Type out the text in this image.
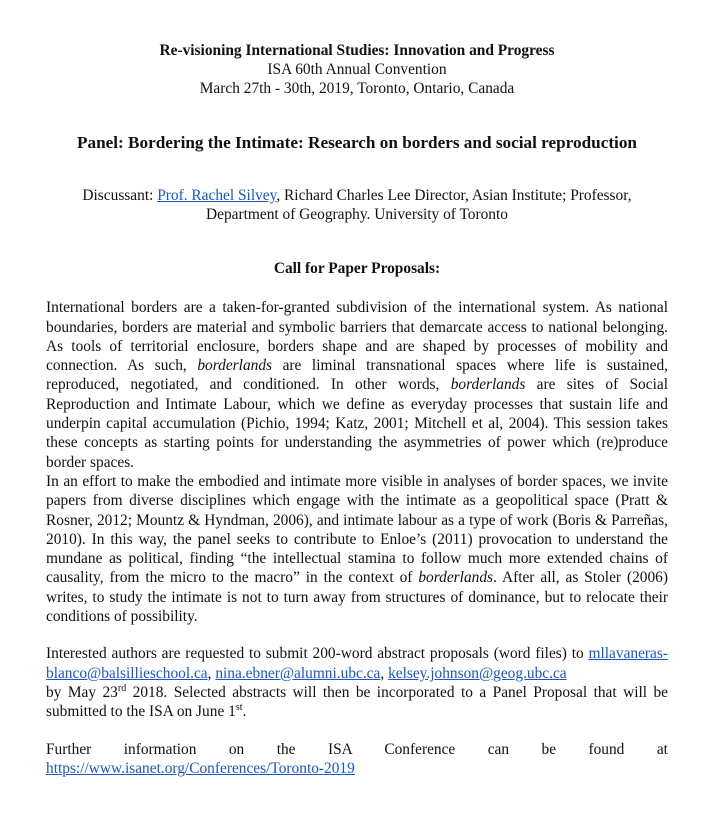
Re-visioning International Studies: Innovation and Progress
ISA 60th Annual Convention
March 27th - 30th, 2019, Toronto, Ontario, Canada
Panel: Bordering the Intimate: Research on borders and social reproduction
Discussant: Prof. Rachel Silvey, Richard Charles Lee Director, Asian Institute; Professor,
Department of Geography. University of Toronto
Call for Paper Proposals:

International borders are a taken-for-granted subdivision of the international system. As national boundaries, borders are material and symbolic barriers that demarcate access to national belonging. As tools of territorial enclosure, borders shape and are shaped by processes of mobility and connection. As such, borderlands are liminal transnational spaces where life is sustained, reproduced, negotiated, and conditioned. In other words, borderlands are sites of Social Reproduction and Intimate Labour, which we define as everyday processes that sustain life and underpin capital accumulation (Pichio, 1994; Katz, 2001; Mitchell et al, 2004). This session takes these concepts as starting points for understanding the asymmetries of power which (re)produce border spaces.

In an effort to make the embodied and intimate more visible in analyses of border spaces, we invite papers from diverse disciplines which engage with the intimate as a geopolitical space (Pratt & Rosner, 2012; Mountz & Hyndman, 2006), and intimate labour as a type of work (Boris & Parreñas, 2010). In this way, the panel seeks to contribute to Enloe’s (2011) provocation to understand the mundane as political, finding “the intellectual stamina to follow much more extended chains of causality, from the micro to the macro” in the context of borderlands. After all, as Stoler (2006) writes, to study the intimate is not to turn away from structures of dominance, but to relocate their conditions of possibility.

Interested authors are requested to submit 200-word abstract proposals (word files) to mllavaneras-blanco@balsillieschool.ca, nina.ebner@alumni.ubc.ca, kelsey.johnson@geog.ubc.ca
by May 23rd 2018. Selected abstracts will then be incorporated to a Panel Proposal that will be submitted to the ISA on June 1st.

Further information on the ISA Conference can be found at

https://www.isanet.org/Conferences/Toronto-2019
